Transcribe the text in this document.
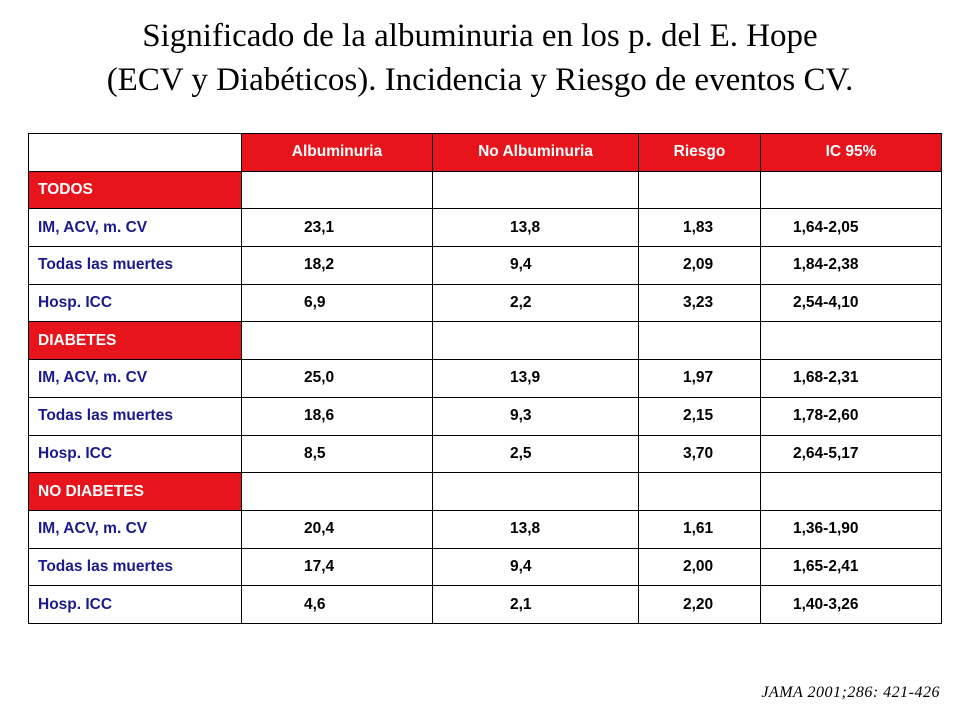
Significado de la albuminuria en los p. del E. Hope
(ECV y Diabéticos). Incidencia y Riesgo de eventos CV.
	Albuminuria	No Albuminuria	Riesgo	IC 95%
TODOS				
IM, ACV, m. CV	23,1	13,8	1,83	1,64-2,05
Todas las muertes	18,2	9,4	2,09	1,84-2,38
Hosp. ICC	6,9	2,2	3,23	2,54-4,10
DIABETES				
IM, ACV, m. CV	25,0	13,9	1,97	1,68-2,31
Todas las muertes	18,6	9,3	2,15	1,78-2,60
Hosp. ICC	8,5	2,5	3,70	2,64-5,17
NO DIABETES				
IM, ACV, m. CV	20,4	13,8	1,61	1,36-1,90
Todas las muertes	17,4	9,4	2,00	1,65-2,41
Hosp. ICC	4,6	2,1	2,20	1,40-3,26
JAMA 2001;286: 421-426
